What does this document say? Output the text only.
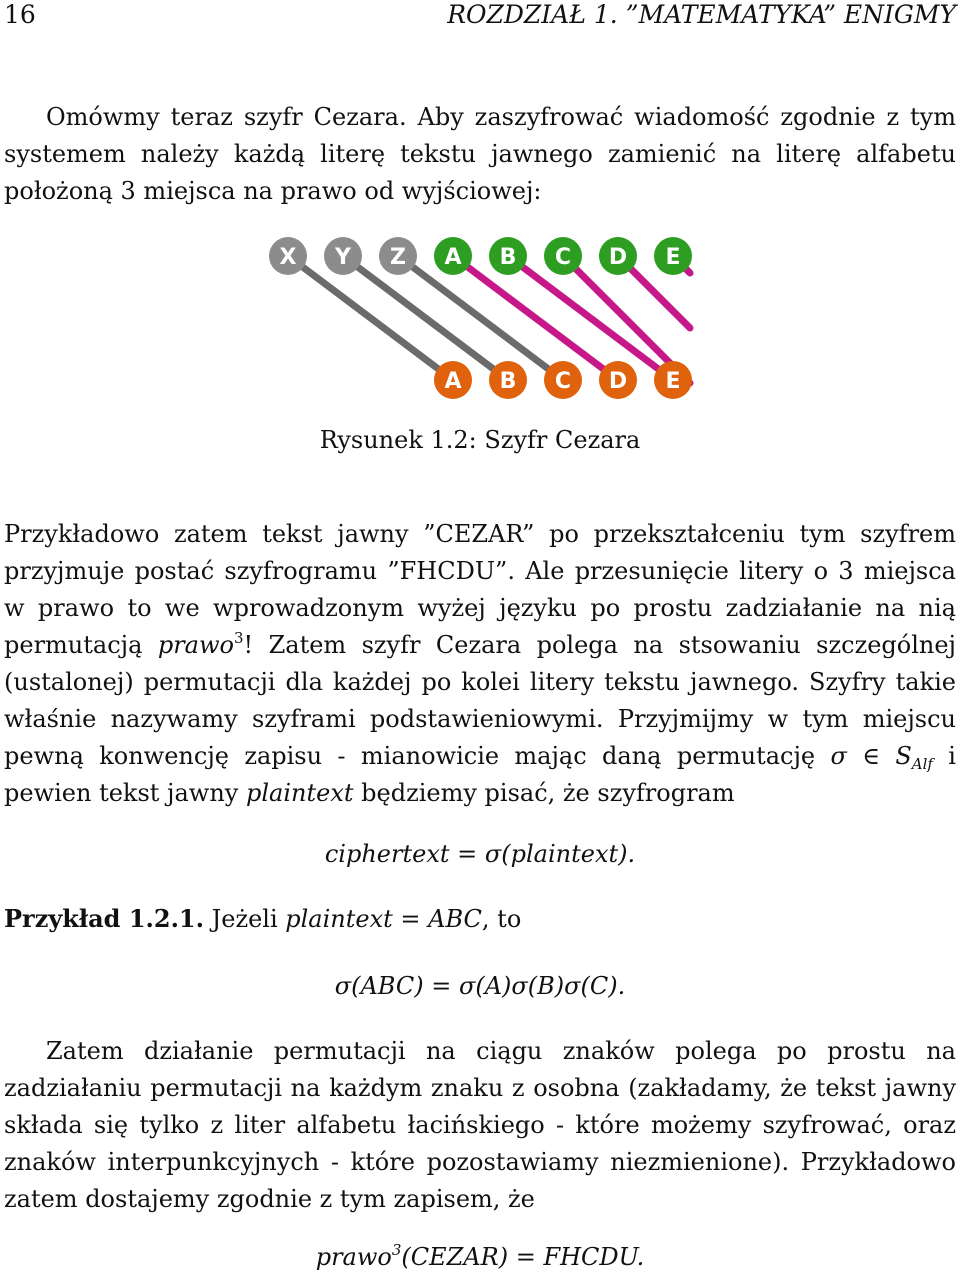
16	ROZDZIAŁ 1. ”MATEMATYKA” ENIGMY

Omówmy teraz szyfr Cezara. Aby zaszyfrować wiadomość zgodnie z tym systemem należy każdą literę tekstu jawnego zamienić na literę alfabetu położoną 3 miejsca na prawo od wyjściowej:

X Y Z A B C D E
A B C D E
Rysunek 1.2: Szyfr Cezara

Przykładowo zatem tekst jawny ”CEZAR” po przekształceniu tym szyfrem przyjmuje postać szyfrogramu ”FHCDU”. Ale przesunięcie litery o 3 miejsca w prawo to we wprowadzonym wyżej języku po prostu zadziałanie na nią permutacją prawo$^3$! Zatem szyfr Cezara polega na stsowaniu szczególnej (ustalonej) permutacji dla każdej po kolei litery tekstu jawnego. Szyfry takie właśnie nazywamy szyframi podstawieniowymi. Przyjmijmy w tym miejscu pewną konwencję zapisu - mianowicie mając daną permutację σ ∈ $S_{Alf}$ i pewien tekst jawny plaintext będziemy pisać, że szyfrogram

ciphertext = σ(plaintext).
Przykład 1.2.1. Jeżeli plaintext = ABC, to
σ(ABC) = σ(A)σ(B)σ(C).

Zatem działanie permutacji na ciągu znaków polega po prostu na zadziałaniu permutacji na każdym znaku z osobna (zakładamy, że tekst jawny składa się tylko z liter alfabetu łacińskiego - które możemy szyfrować, oraz znaków interpunkcyjnych - które pozostawiamy niezmienione). Przykładowo zatem dostajemy zgodnie z tym zapisem, że

prawo$^3$(CEZAR) = FHCDU.
